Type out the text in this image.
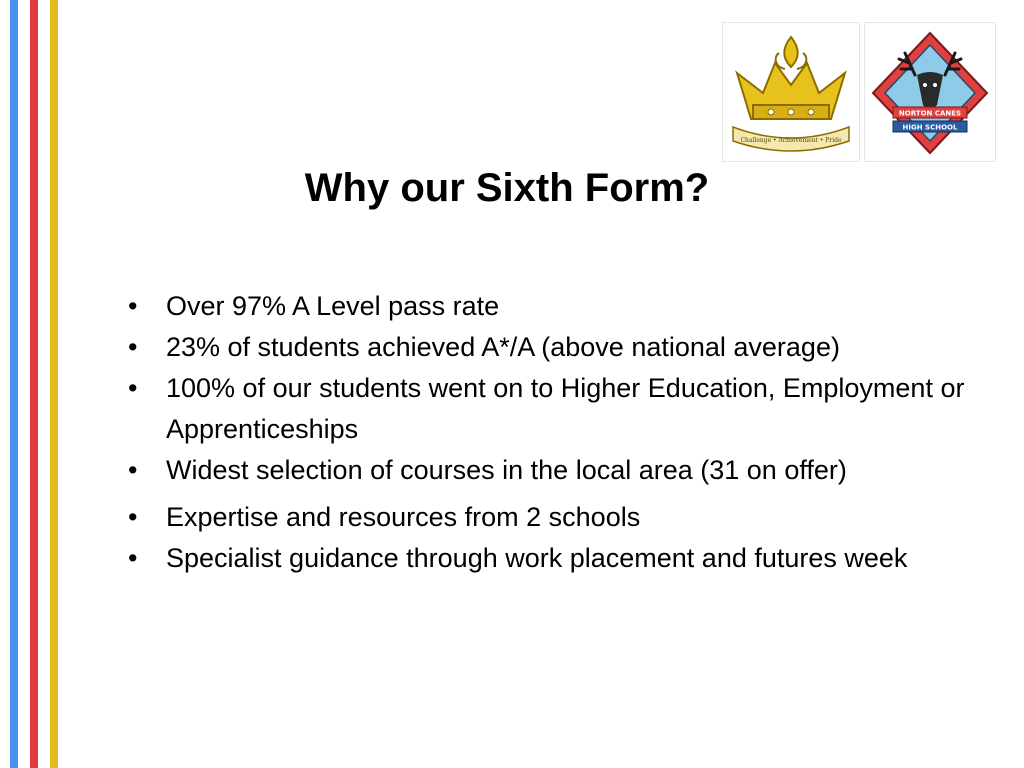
Challenge • Achievement • Pride
NORTON CANES
HIGH SCHOOL
Why our Sixth Form?
•	Over 97% A Level pass rate
•	23% of students achieved A*/A (above national average)
•	100% of our students went on to Higher Education, Employment or Apprenticeships
•	Widest selection of courses in the local area (31 on offer)
•	Expertise and resources from 2 schools
•	Specialist guidance through work placement and futures week
